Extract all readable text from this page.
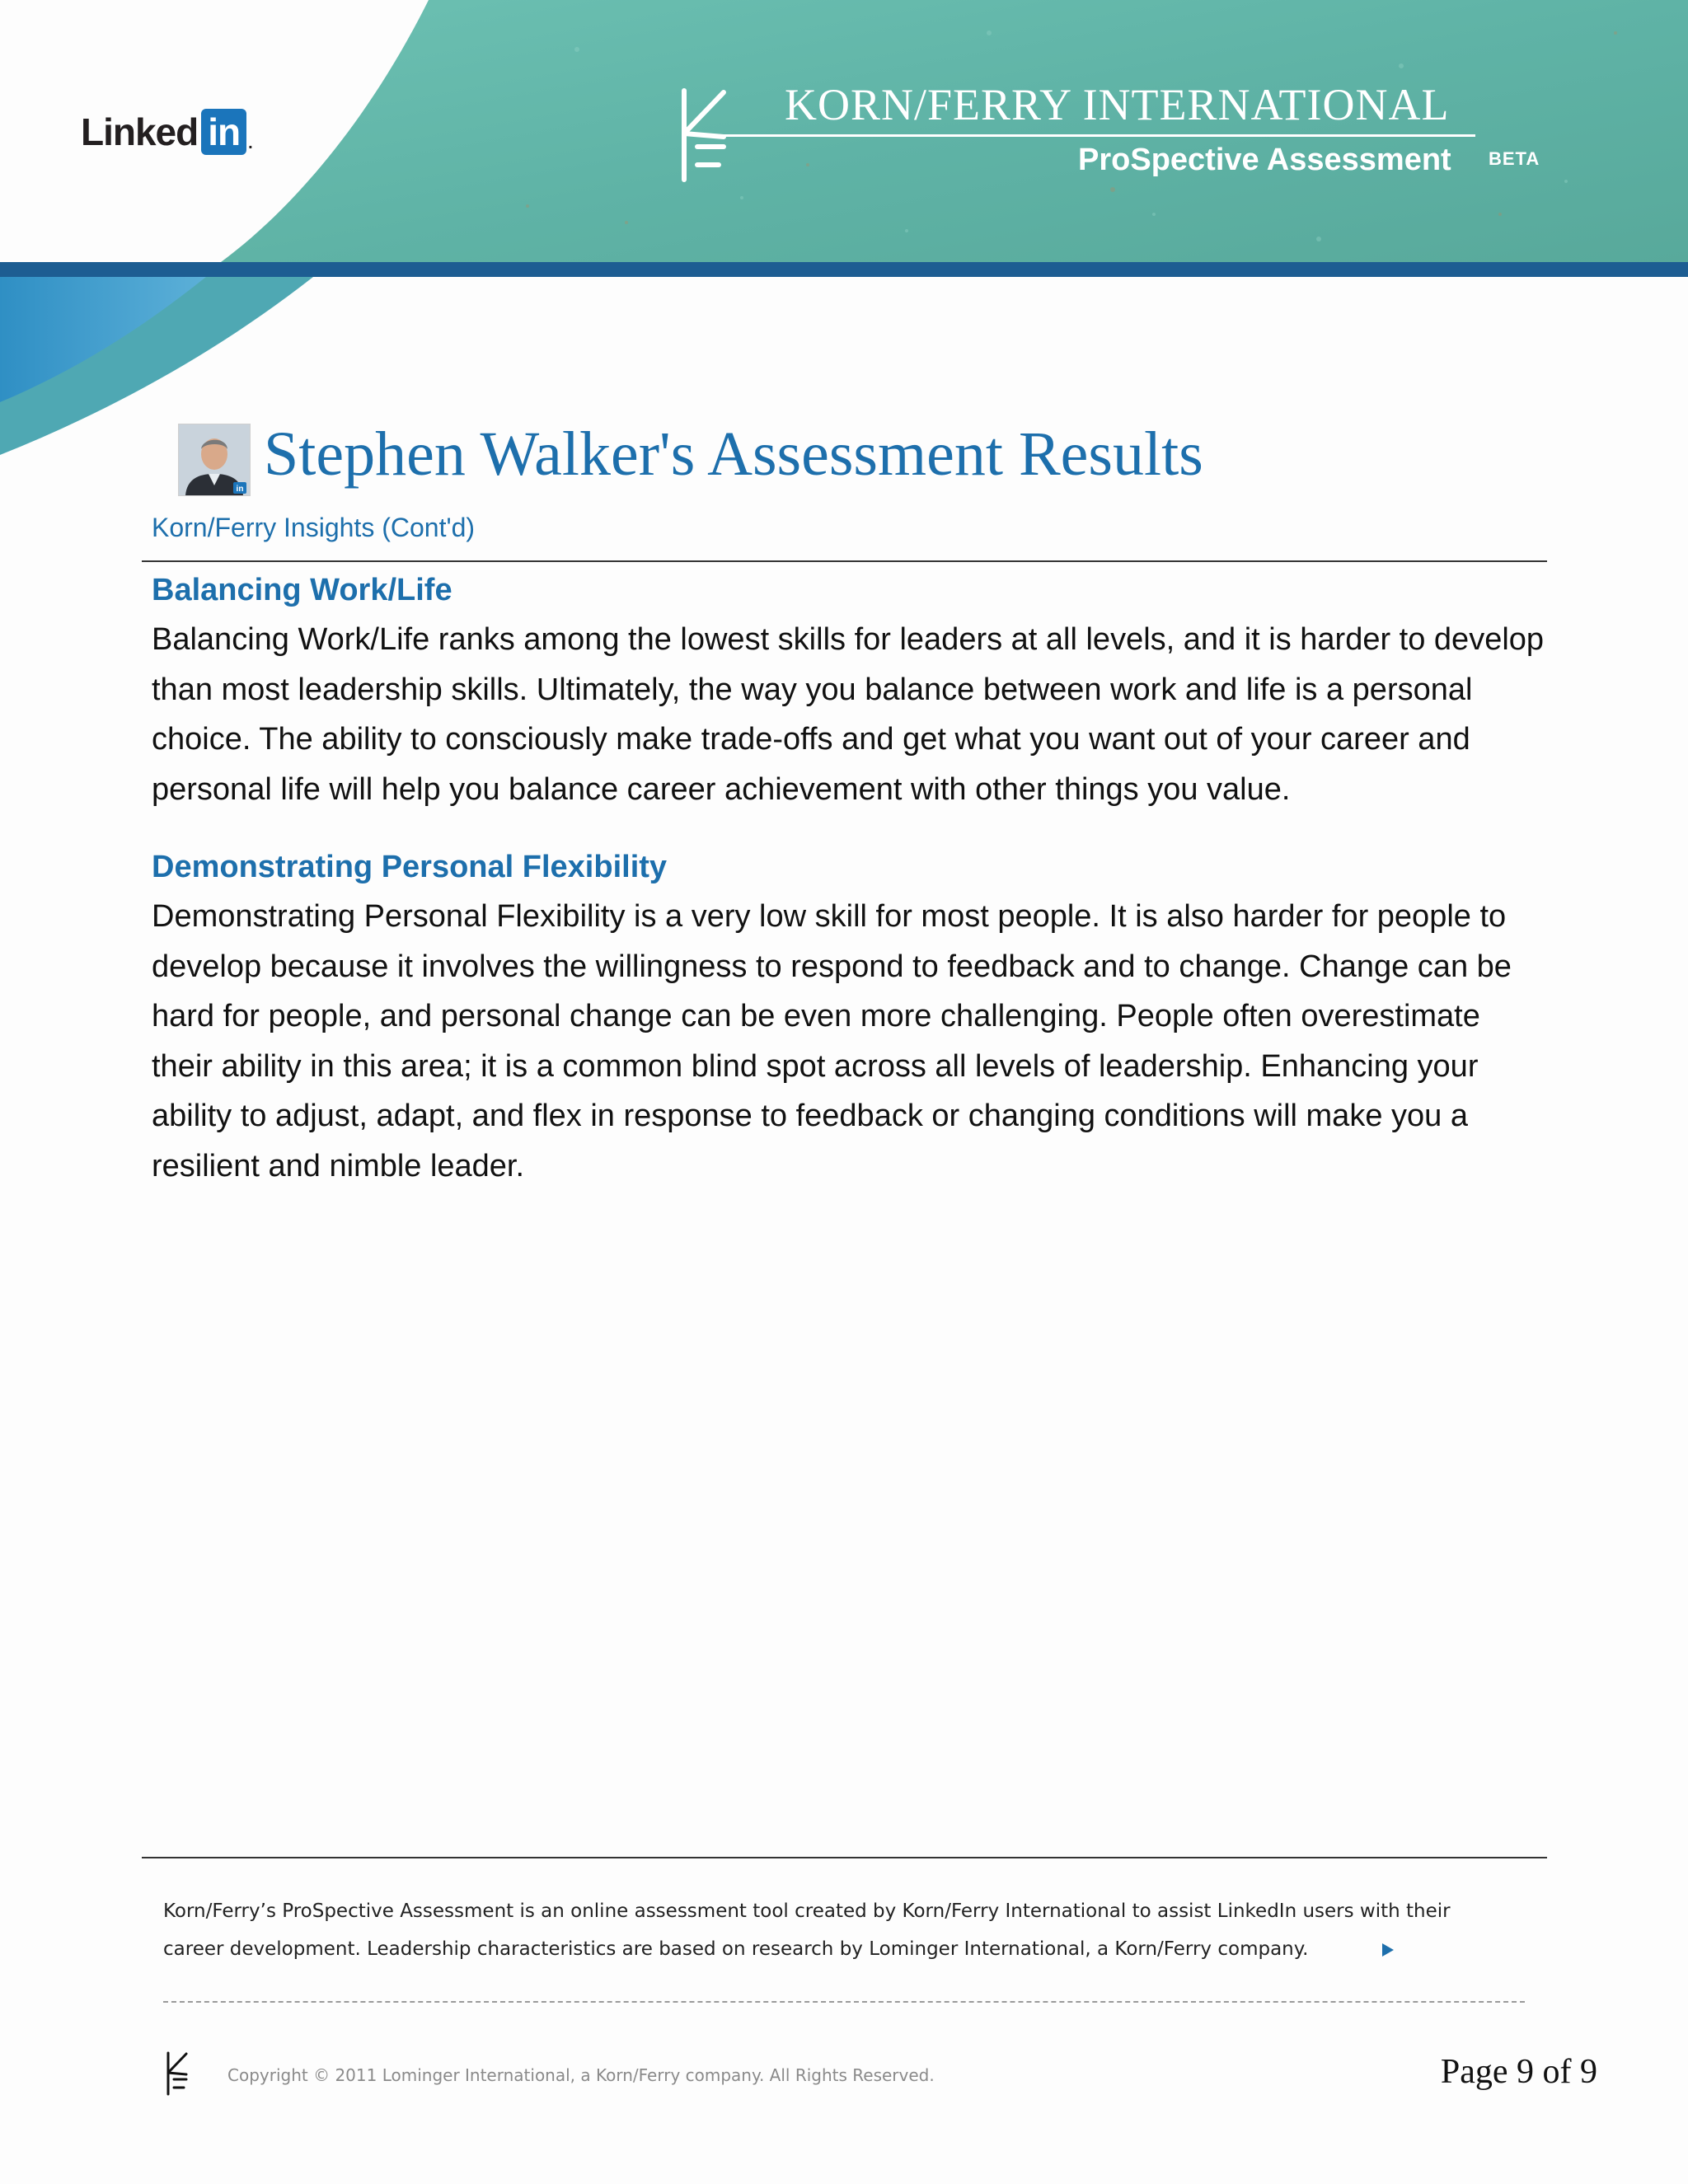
Linked in .
KORN/FERRY INTERNATIONAL
ProSpective Assessment BETA
in
Stephen Walker's Assessment Results
Korn/Ferry Insights (Cont'd)
Balancing Work/Life

Balancing Work/Life ranks among the lowest skills for leaders at all levels, and it is harder to develop than most leadership skills. Ultimately, the way you balance between work and life is a personal choice. The ability to consciously make trade-offs and get what you want out of your career and personal life will help you balance career achievement with other things you value.

Demonstrating Personal Flexibility

Demonstrating Personal Flexibility is a very low skill for most people. It is also harder for people to develop because it involves the willingness to respond to feedback and to change. Change can be hard for people, and personal change can be even more challenging. People often overestimate their ability in this area; it is a common blind spot across all levels of leadership. Enhancing your ability to adjust, adapt, and flex in response to feedback or changing conditions will make you a resilient and nimble leader.

Korn/Ferry’s ProSpective Assessment is an online assessment tool created by Korn/Ferry International to assist LinkedIn users with their career development. Leadership characteristics are based on research by Lominger International, a Korn/Ferry company.
Copyright © 2011 Lominger International, a Korn/Ferry company. All Rights Reserved.	Page 9 of 9
